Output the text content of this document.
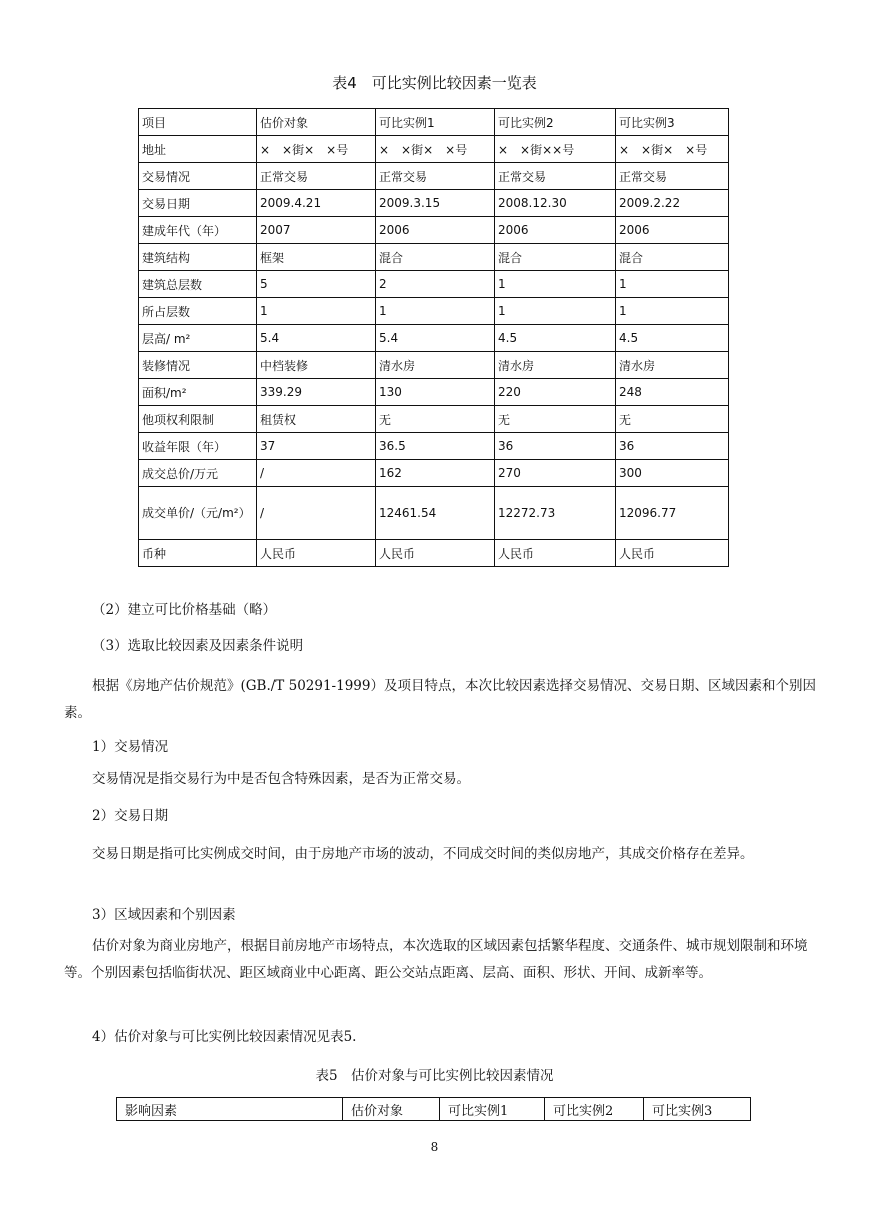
表4　可比实例比较因素一览表
项目	估价对象	可比实例1	可比实例2	可比实例3
地址	×　×街×　×号	×　×街×　×号	×　×街××号	×　×街×　×号
交易情况	正常交易	正常交易	正常交易	正常交易
交易日期	2009.4.21	2009.3.15	2008.12.30	2009.2.22
建成年代（年）	2007	2006	2006	2006
建筑结构	框架	混合	混合	混合
建筑总层数	5	2	1	1
所占层数	1	1	1	1
层高/ m²	5.4	5.4	4.5	4.5
装修情况	中档装修	清水房	清水房	清水房
面积/m²	339.29	130	220	248
他项权利限制	租赁权	无	无	无
收益年限（年）	37	36.5	36	36
成交总价/万元	/	162	270	300
成交单价/（元/m²）	/	12461.54	12272.73	12096.77
币种	人民币	人民币	人民币	人民币
（2）建立可比价格基础（略）
（3）选取比较因素及因素条件说明
根据《房地产估价规范》(GB./T 50291-1999）及项目特点，本次比较因素选择交易情况、交易日期、区域因素和个别因素。
1）交易情况
交易情况是指交易行为中是否包含特殊因素，是否为正常交易。
2）交易日期
交易日期是指可比实例成交时间，由于房地产市场的波动，不同成交时间的类似房地产，其成交价格存在差异。
3）区域因素和个别因素
估价对象为商业房地产，根据目前房地产市场特点，本次选取的区域因素包括繁华程度、交通条件、城市规划限制和环境等。个别因素包括临街状况、距区域商业中心距离、距公交站点距离、层高、面积、形状、开间、成新率等。
4）估价对象与可比实例比较因素情况见表5.
表5　估价对象与可比实例比较因素情况
影响因素	估价对象	可比实例1	可比实例2	可比实例3
8
